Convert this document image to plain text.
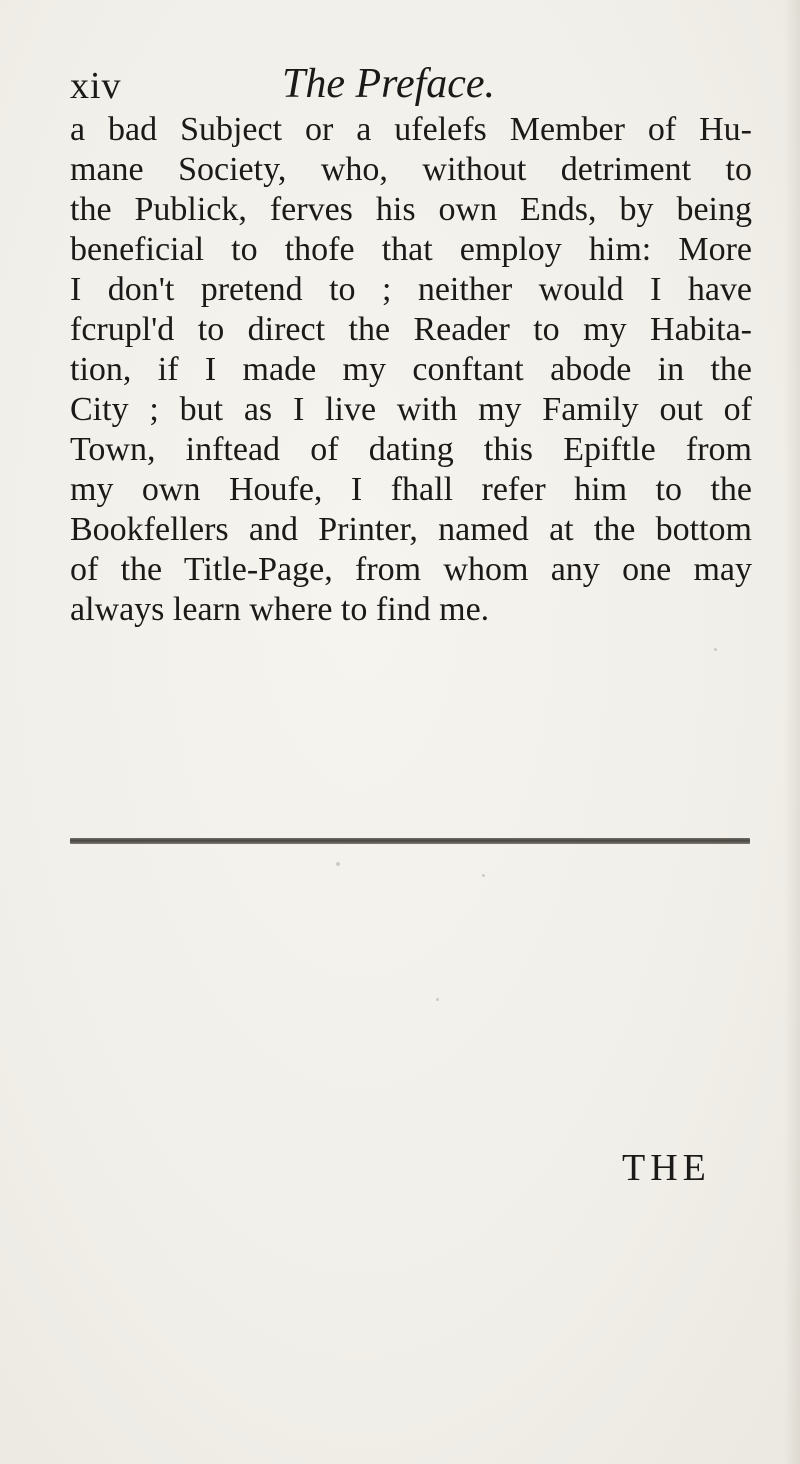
xiv	The Preface.
a bad Subject or a ufelefs Member of Hu-
mane Society, who, without detriment to
the Publick, ferves his own Ends, by being
beneficial to thofe that employ him: More
I don't pretend to ; neither would I have
fcrupl'd to direct the Reader to my Habita-
tion, if I made my conftant abode in the
City ; but as I live with my Family out of
Town, inftead of dating this Epiftle from
my own Houfe, I fhall refer him to the
Bookfellers and Printer, named at the bottom
of the Title-Page, from whom any one may
always learn where to find me.
THE
